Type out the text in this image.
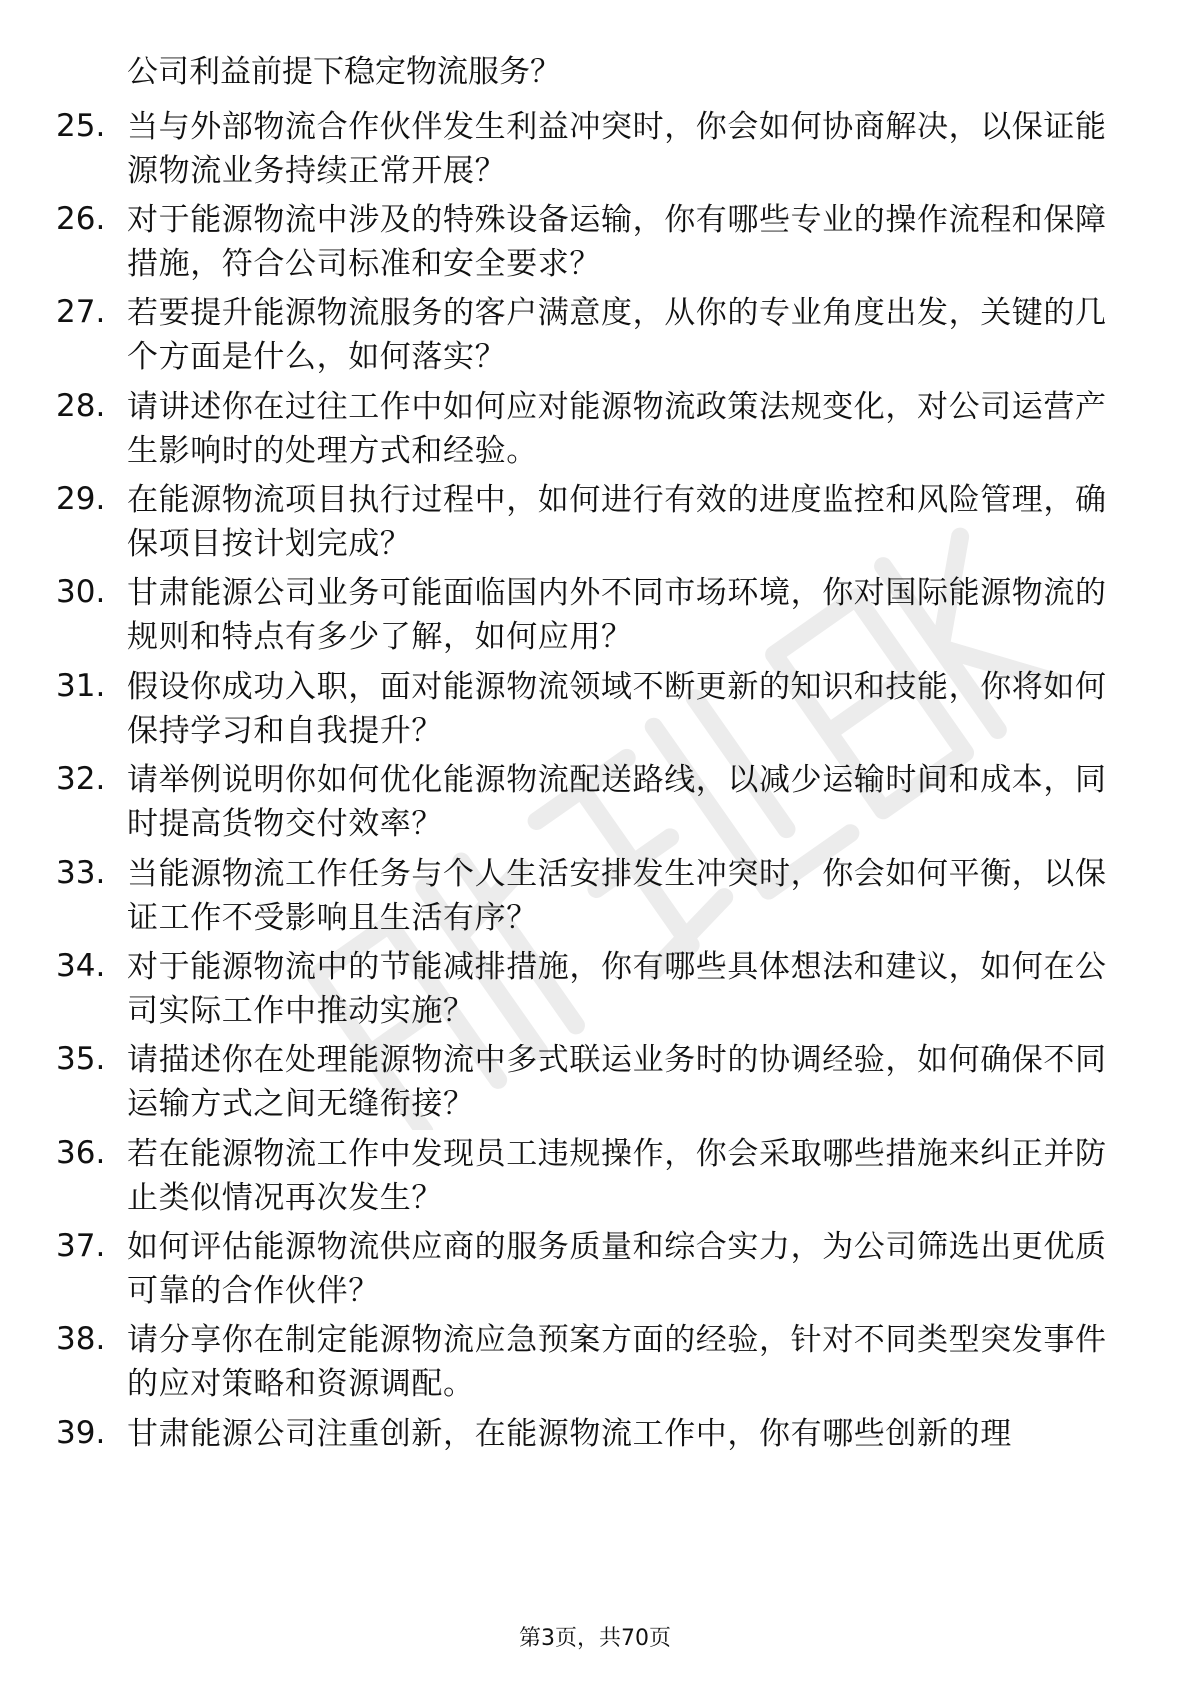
公司利益前提下稳定物流服务？
25. 当与外部物流合作伙伴发生利益冲突时，你会如何协商解决，以保证能源物流业务持续正常开展？
26. 对于能源物流中涉及的特殊设备运输，你有哪些专业的操作流程和保障措施，符合公司标准和安全要求？
27. 若要提升能源物流服务的客户满意度，从你的专业角度出发，关键的几个方面是什么，如何落实？
28. 请讲述你在过往工作中如何应对能源物流政策法规变化，对公司运营产生影响时的处理方式和经验。
29. 在能源物流项目执行过程中，如何进行有效的进度监控和风险管理，确保项目按计划完成？
30. 甘肃能源公司业务可能面临国内外不同市场环境，你对国际能源物流的规则和特点有多少了解，如何应用？
31. 假设你成功入职，面对能源物流领域不断更新的知识和技能，你将如何保持学习和自我提升？
32. 请举例说明你如何优化能源物流配送路线，以减少运输时间和成本，同时提高货物交付效率？
33. 当能源物流工作任务与个人生活安排发生冲突时，你会如何平衡，以保证工作不受影响且生活有序？
34. 对于能源物流中的节能减排措施，你有哪些具体想法和建议，如何在公司实际工作中推动实施？
35. 请描述你在处理能源物流中多式联运业务时的协调经验，如何确保不同运输方式之间无缝衔接？
36. 若在能源物流工作中发现员工违规操作，你会采取哪些措施来纠正并防止类似情况再次发生？
37. 如何评估能源物流供应商的服务质量和综合实力，为公司筛选出更优质可靠的合作伙伴？
38. 请分享你在制定能源物流应急预案方面的经验，针对不同类型突发事件的应对策略和资源调配。
39. 甘肃能源公司注重创新，在能源物流工作中，你有哪些创新的理
第3页，共70页
